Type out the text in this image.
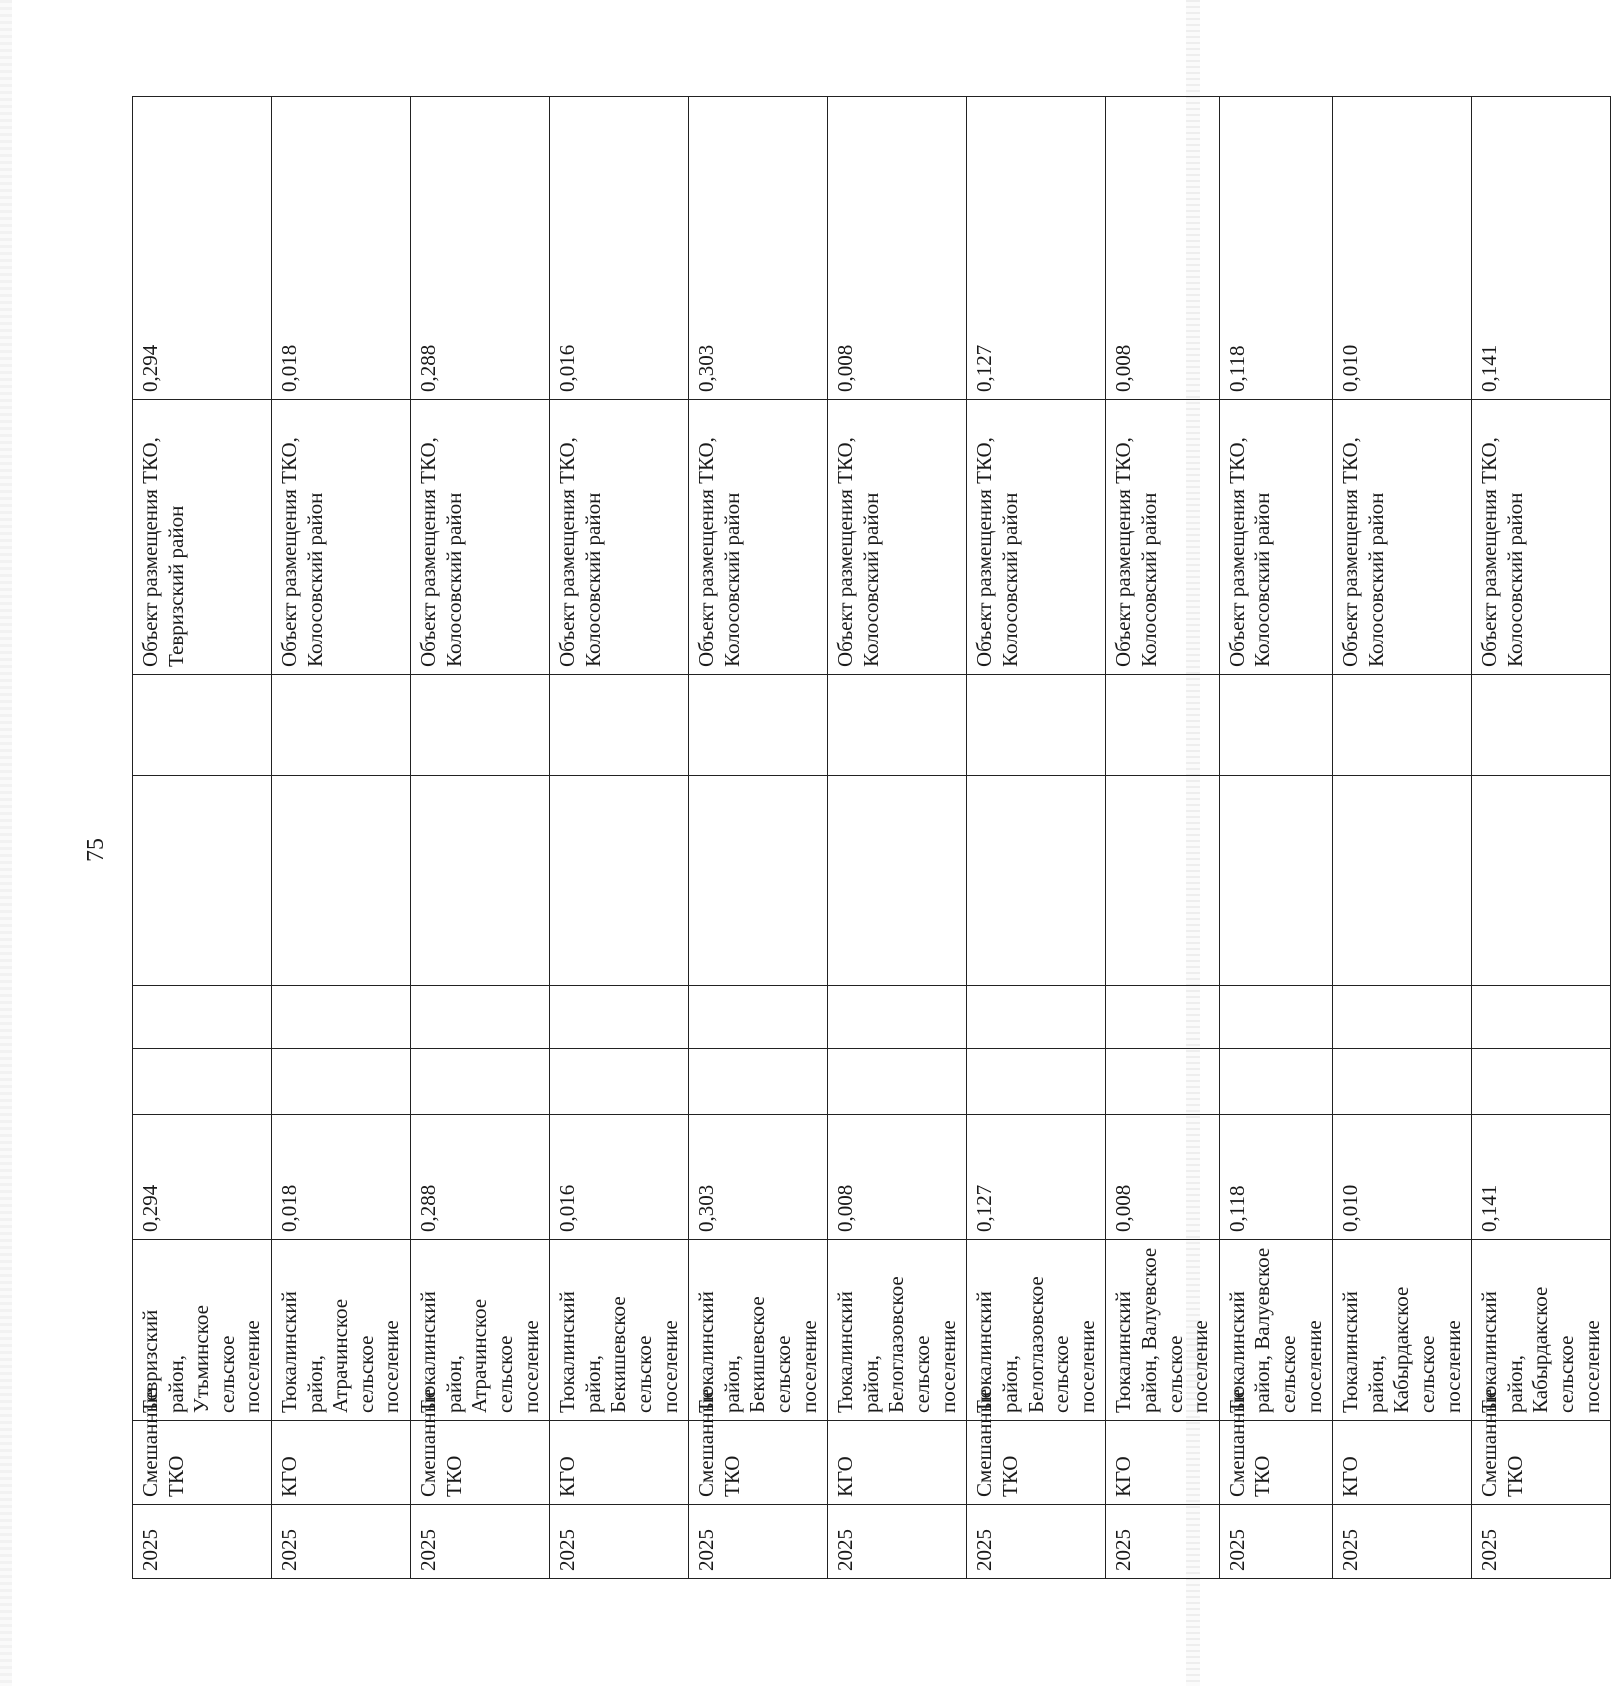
75
2025	Смешанные ТКО	Тевризский район, Утьминское сельское поселение	0,294					Объект размещения ТКО, Тевризский район	0,294
2025	КГО	Тюкалинский район, Атрачинское сельское поселение	0,018					Объект размещения ТКО, Колосовский район	0,018
2025	Смешанные ТКО	Тюкалинский район, Атрачинское сельское поселение	0,288					Объект размещения ТКО, Колосовский район	0,288
2025	КГО	Тюкалинский район, Бекишевское сельское поселение	0,016					Объект размещения ТКО, Колосовский район	0,016
2025	Смешанные ТКО	Тюкалинский район, Бекишевское сельское поселение	0,303					Объект размещения ТКО, Колосовский район	0,303
2025	КГО	Тюкалинский район, Белоглазовское сельское поселение	0,008					Объект размещения ТКО, Колосовский район	0,008
2025	Смешанные ТКО	Тюкалинский район, Белоглазовское сельское поселение	0,127					Объект размещения ТКО, Колосовский район	0,127
2025	КГО	Тюкалинский район, Валуевское сельское поселение	0,008					Объект размещения ТКО, Колосовский район	0,008
2025	Смешанные ТКО	Тюкалинский район, Валуевское сельское поселение	0,118					Объект размещения ТКО, Колосовский район	0,118
2025	КГО	Тюкалинский район, Кабырдакское сельское поселение	0,010					Объект размещения ТКО, Колосовский район	0,010
2025	Смешанные ТКО	Тюкалинский район, Кабырдакское сельское поселение	0,141					Объект размещения ТКО, Колосовский район	0,141
